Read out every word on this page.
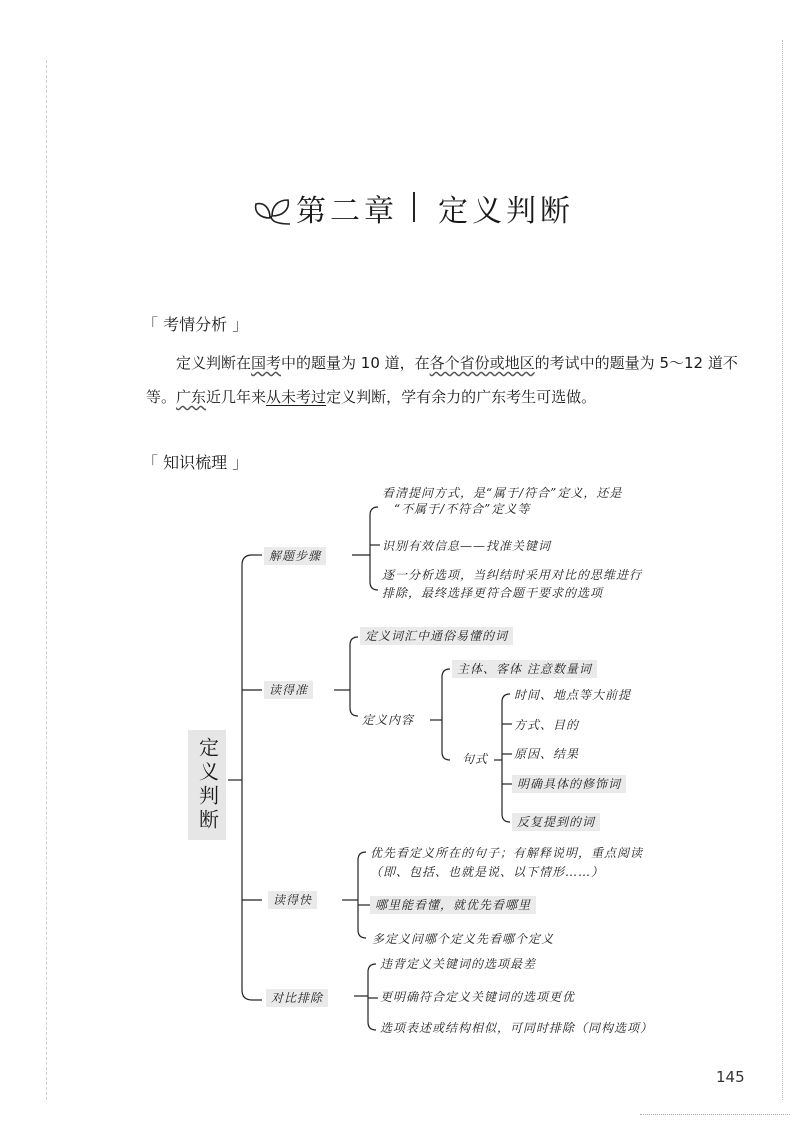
第二章 定义判断
「 考情分析 」
定义判断在国考中的题量为 10 道，在各个省份或地区的考试中的题量为 5～12 道不等。广东近几年来从未考过定义判断，学有余力的广东考生可选做。
「 知识梳理 」
定义判断
解题步骤
看清提问方式，是“属于/符合”定义，还是
“不属于/不符合”定义等
识别有效信息——找准关键词
逐一分析选项，当纠结时采用对比的思维进行
排除，最终选择更符合题干要求的选项
读得准
定义词汇中通俗易懂的词
定义内容
主体、客体 注意数量词
句式
时间、地点等大前提
方式、目的
原因、结果
明确具体的修饰词
反复提到的词
读得快
优先看定义所在的句子；有解释说明，重点阅读
（即、包括、也就是说、以下情形……）
哪里能看懂，就优先看哪里
多定义问哪个定义先看哪个定义
对比排除
违背定义关键词的选项最差
更明确符合定义关键词的选项更优
选项表述或结构相似，可同时排除（同构选项）
145
